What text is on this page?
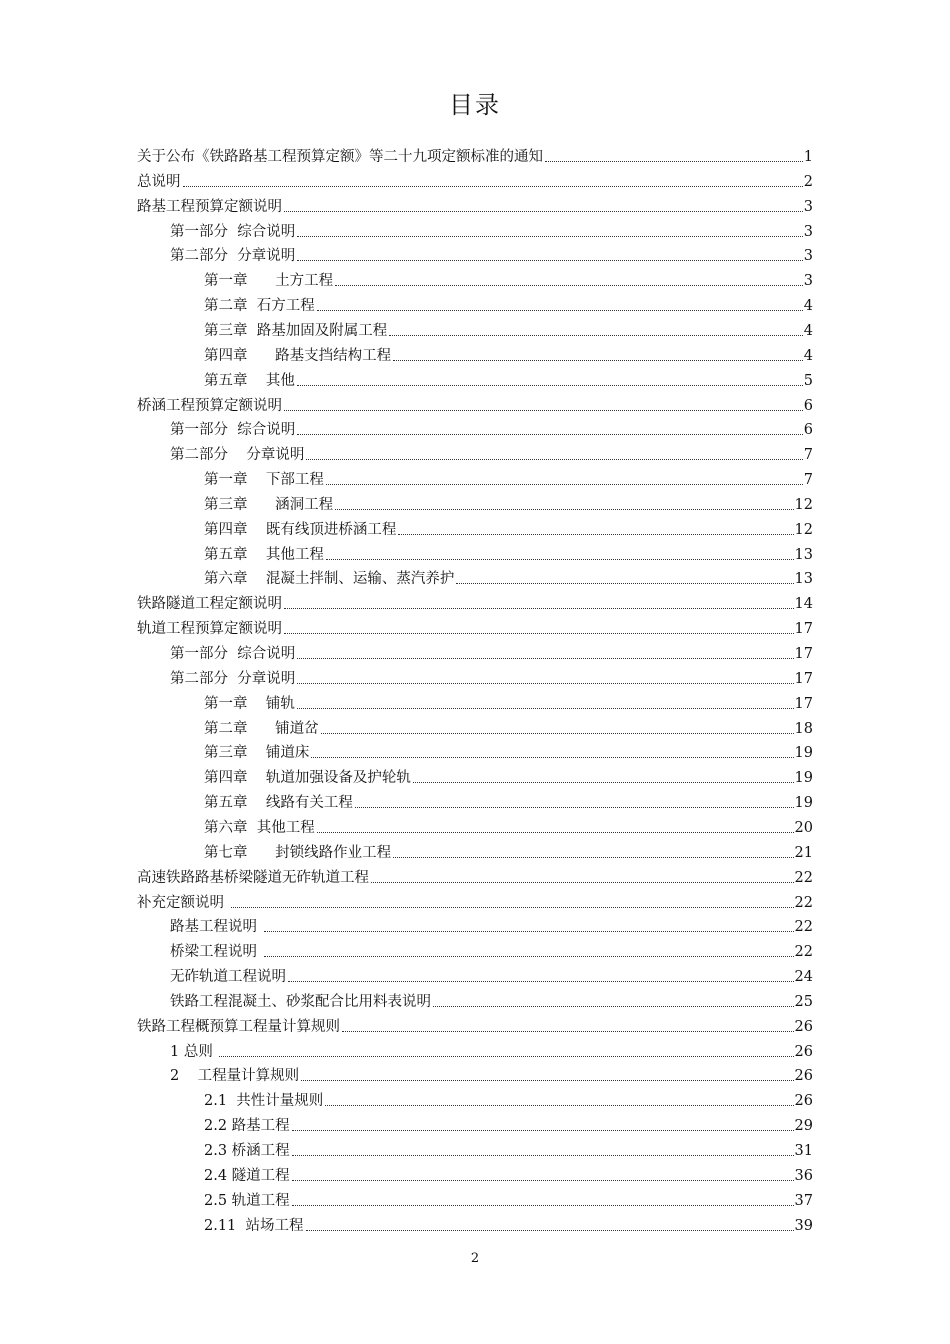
目录
关于公布《铁路路基工程预算定额》等二十九项定额标准的通知	1
总说明	2
路基工程预算定额说明	3
第一部分  综合说明	3
第二部分  分章说明	3
第一章      土方工程	3
第二章  石方工程	4
第三章  路基加固及附属工程	4
第四章      路基支挡结构工程	4
第五章    其他	5
桥涵工程预算定额说明	6
第一部分  综合说明	6
第二部分    分章说明	7
第一章    下部工程	7
第三章      涵洞工程	12
第四章    既有线顶进桥涵工程	12
第五章    其他工程	13
第六章    混凝土拌制、运输、蒸汽养护	13
铁路隧道工程定额说明	14
轨道工程预算定额说明	17
第一部分  综合说明	17
第二部分  分章说明	17
第一章    铺轨	17
第二章      铺道岔	18
第三章    铺道床	19
第四章    轨道加强设备及护轮轨	19
第五章    线路有关工程	19
第六章  其他工程	20
第七章      封锁线路作业工程	21
高速铁路路基桥梁隧道无砟轨道工程	22
补充定额说明	22
路基工程说明	22
桥梁工程说明	22
无砟轨道工程说明	24
铁路工程混凝土、砂浆配合比用料表说明	25
铁路工程概预算工程量计算规则	26
1 总则	26
2    工程量计算规则	26
2.1  共性计量规则	26
2.2 路基工程	29
2.3 桥涵工程	31
2.4 隧道工程	36
2.5 轨道工程	37
2.11  站场工程	39
2
